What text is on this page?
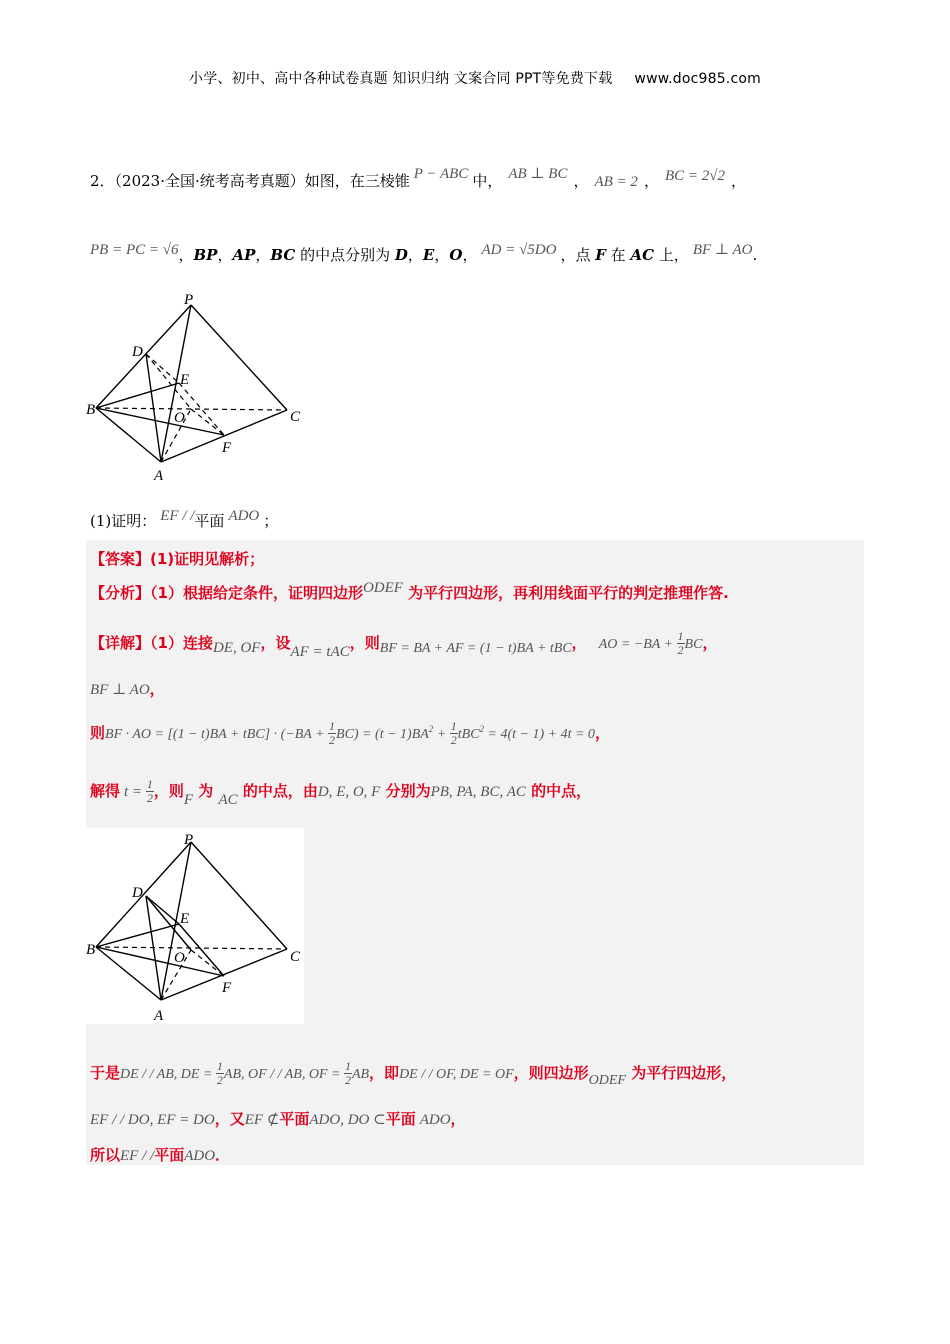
小学、初中、高中各种试卷真题 知识归纳 文案合同 PPT等免费下载 www.doc985.com
2．（2023·全国·统考高考真题）如图，在三棱锥 P − ABC 中， AB ⊥ BC ， AB = 2 ， BC = 2√2 ，
PB = PC = √6，BP，AP，BC 的中点分别为 D，E，O， AD = √5DO ，点 F 在 AC 上， BF ⊥ AO.
P
D
E
B	O	C
F
A
(1)证明： EF / /平面 ADO ；
【答案】(1)证明见解析；
【分析】（1）根据给定条件，证明四边形ODEF 为平行四边形，再利用线面平行的判定推理作答.
【详解】（1）连接DE, OF，设AF = tAC，则BF = BA + AF = (1 − t)BA + tBC， AO = $-BA + \frac{1}{2}$ BC，
BF ⊥ AO，
则BF · AO = $[(1 - t)BA + tBC] \cdot (-BA + \frac{1}{2} BC) = (t - 1)BA^2 + \frac{1}{2} tBC^2 = 4(t - 1) + 4t = 0$，
解得 $t = \frac{1}{2}$ ，则F 为 AC 的中点，由D, E, O, F 分别为PB, PA, BC, AC 的中点，
P
D
E
B	O	C
F
A
于是DE / / AB, DE = $\frac{1}{2}$ AB, OF / / AB, OF = $\frac{1}{2}$ AB，即DE / / OF, DE = OF，则四边形ODEF 为平行四边形，
EF / / DO, EF = DO，又EF ⊄平面ADO, DO ⊂平面 ADO，
所以EF / /平面ADO．
